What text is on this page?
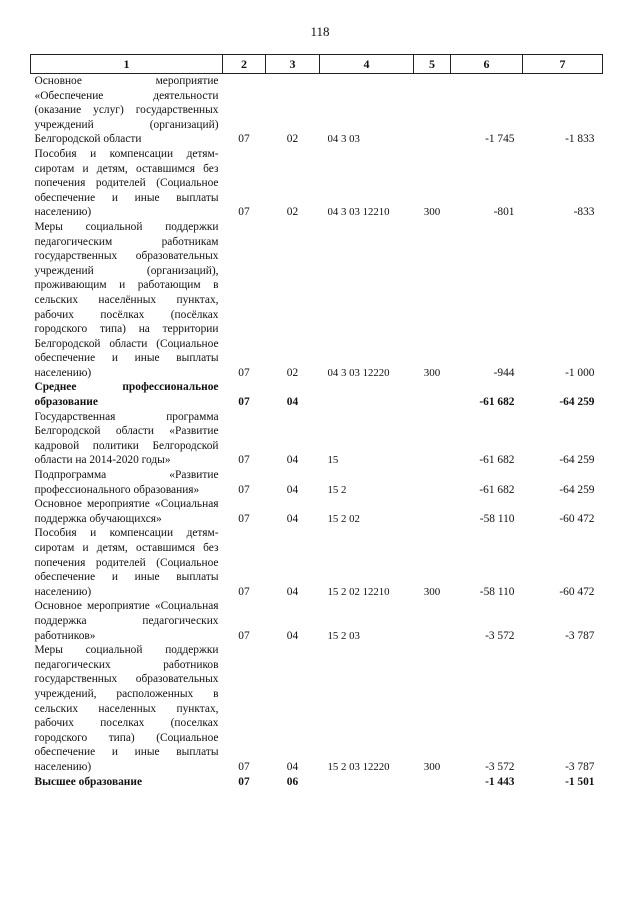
118
1	2	3	4	5	6	7
Основное мероприятие «Обеспечение деятельности (оказание услуг) государственных учреждений (организаций) Белгородской области	07	02	04 3 03		-1 745	-1 833
Пособия и компенсации детям-сиротам и детям, оставшимся без попечения родителей (Социальное обеспечение и иные выплаты населению)	07	02	04 3 03 12210	300	-801	-833
Меры социальной поддержки педагогическим работникам государственных образовательных учреждений (организаций), проживающим и работающим в сельских населённых пунктах, рабочих посёлках (посёлках городского типа) на территории Белгородской области (Социальное обеспечение и иные выплаты населению)	07	02	04 3 03 12220	300	-944	-1 000
Среднее профессиональное образование	07	04			-61 682	-64 259
Государственная программа Белгородской области «Развитие кадровой политики Белгородской области на 2014-2020 годы»	07	04	15		-61 682	-64 259
Подпрограмма «Развитие профессионального образования»	07	04	15 2		-61 682	-64 259
Основное мероприятие «Социальная поддержка обучающихся»	07	04	15 2 02		-58 110	-60 472
Пособия и компенсации детям-сиротам и детям, оставшимся без попечения родителей (Социальное обеспечение и иные выплаты населению)	07	04	15 2 02 12210	300	-58 110	-60 472
Основное мероприятие «Социальная поддержка педагогических работников»	07	04	15 2 03		-3 572	-3 787
Меры социальной поддержки педагогических работников государственных образовательных учреждений, расположенных в сельских населенных пунктах, рабочих поселках (поселках городского типа) (Социальное обеспечение и иные выплаты населению)	07	04	15 2 03 12220	300	-3 572	-3 787
Высшее образование	07	06			-1 443	-1 501
